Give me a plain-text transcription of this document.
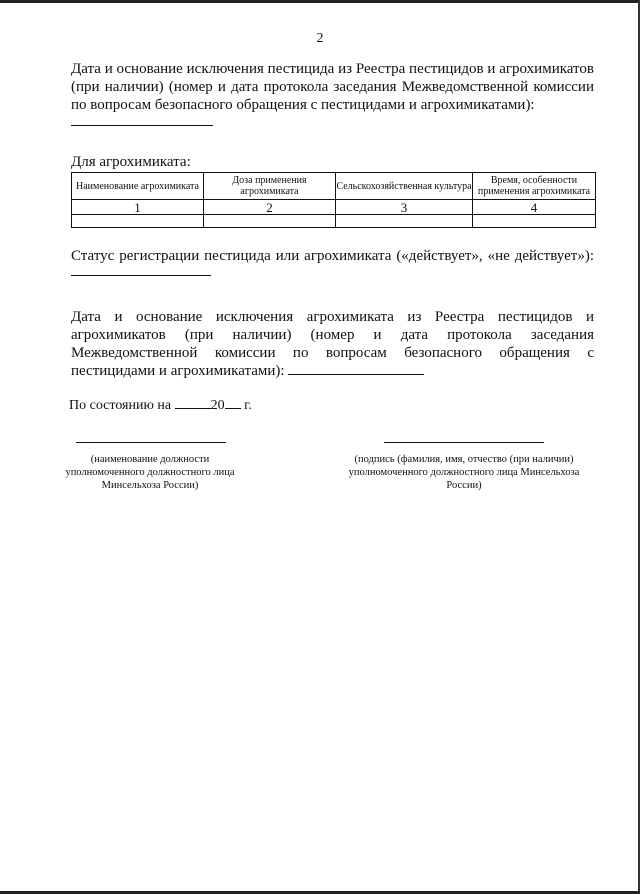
2
Дата и основание исключения пестицида из Реестра пестицидов и агрохимикатов (при наличии) (номер и дата протокола заседания Межведомственной комиссии по вопросам безопасного обращения с пестицидами и агрохимикатами):
Для агрохимиката:
Наименование агрохимиката	Доза применения агрохимиката	Сельскохозяйственная культура	Время, особенности применения агрохимиката
1	2	3	4

Статус регистрации пестицида или агрохимиката («действует», «не действует»):
Дата и основание исключения агрохимиката из Реестра пестицидов и агрохимикатов (при наличии) (номер и дата протокола заседания Межведомственной комиссии по вопросам безопасного обращения с пестицидами и агрохимикатами):
По состоянию на	20 г.
(наименование должности уполномоченного должностного лица Минсельхоза России)
(подпись (фамилия, имя, отчество (при наличии) уполномоченного должностного лица Минсельхоза России)
